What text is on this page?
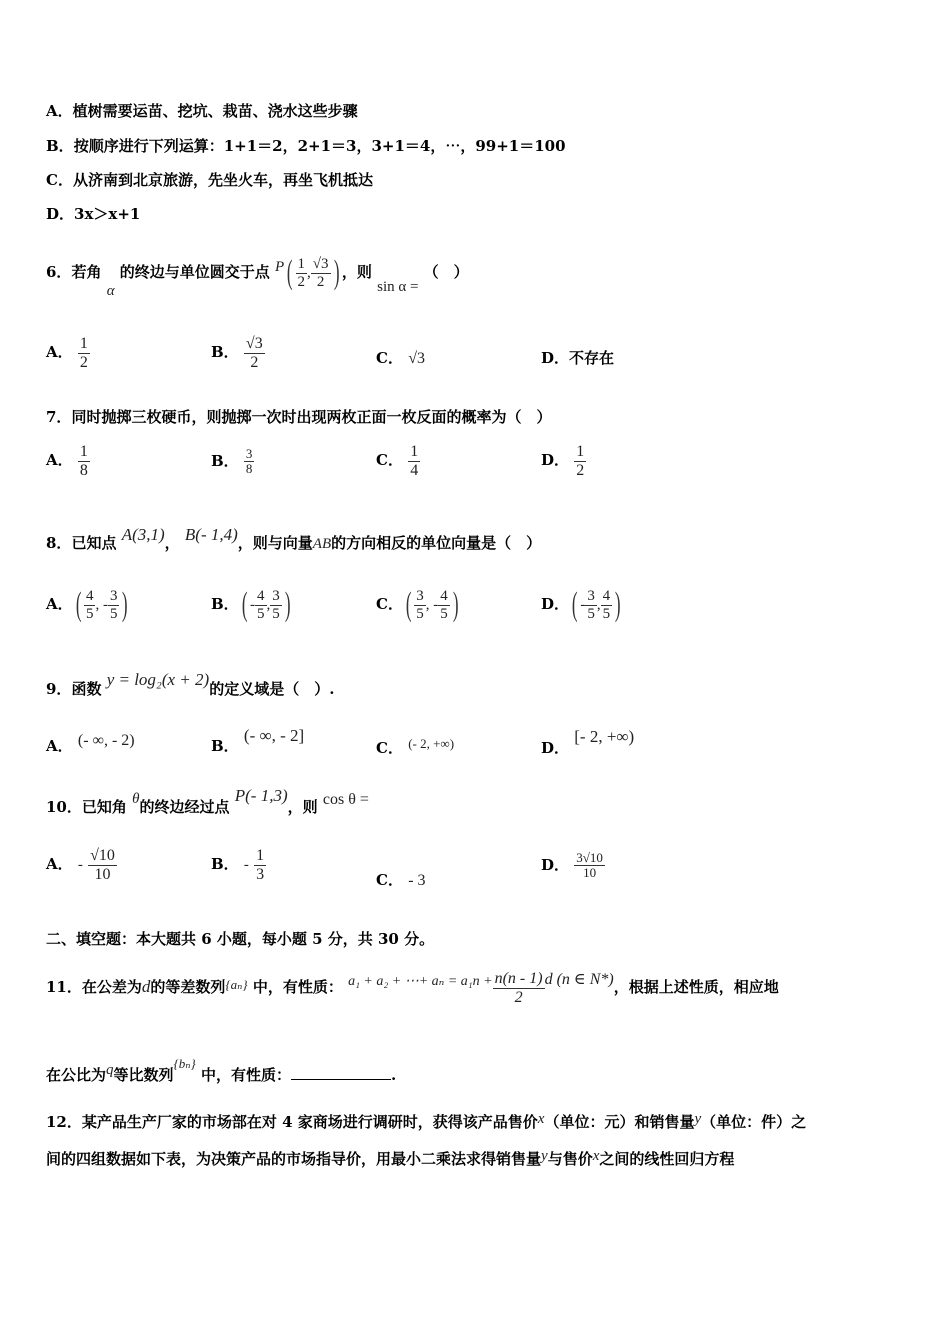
A．植树需要运苗、挖坑、栽苗、浇水这些步骤
B．按顺序进行下列运算：1+1＝2，2+1＝3，3+1＝4，⋯，99+1＝100
C．从济南到北京旅游，先坐火车，再坐飞机抵达
D．3x＞x+1
6．若角 α 的终边与单位圆交于点 $P( \frac{1}{2}$ , $\frac{√3}{2}$ ) ，则 sin α = （　）
A． $\frac{1}{2}$	B． $\frac{√3}{2}$	C． √3	D．不存在
7．同时抛掷三枚硬币，则抛掷一次时出现两枚正面一枚反面的概率为（　）
A． $\frac{1}{8}$	B． $\frac{3}{8}$	C． $\frac{1}{4}$	D． $\frac{1}{2}$
8．已知点 A(3,1)， B(- 1,4)，则与向量AB的方向相反的单位向量是（　）
A．( $\frac{4}{5}$ , - $\frac{3}{5}$ )	B．( - $\frac{4}{5}$ , $\frac{3}{5}$ )	C．( $\frac{3}{5}$ , - $\frac{4}{5}$ )	D．( - $\frac{3}{5}$ , $\frac{4}{5}$ )
9．函数 y = log₂(x + 2)的定义域是（　）.
A． (- ∞, - 2)	B． (- ∞, - 2]
C． (- 2, +∞)	D． [- 2, +∞)
10．已知角 θ的终边经过点 P(- 1,3)，则 cos θ =
A． - $\frac{√10}{10}$	B． - $\frac{1}{3}$	C． - 3
D． $\frac{3√10}{10}$
二、填空题：本大题共 6 小题，每小题 5 分，共 30 分。
11．在公差为d的等差数列{aₙ} 中，有性质： a₁ + a₂ + ⋯+ $a_n = a_1n + \frac{n(n - 1)}{2}$ d (n ∈ N*)，根据上述性质，相应地
在公比为q等比数列{bₙ} 中，有性质：	.
12．某产品生产厂家的市场部在对 4 家商场进行调研时，获得该产品售价x（单位：元）和销售量y（单位：件）之
间的四组数据如下表，为决策产品的市场指导价，用最小二乘法求得销售量y与售价x之间的线性回归方程
